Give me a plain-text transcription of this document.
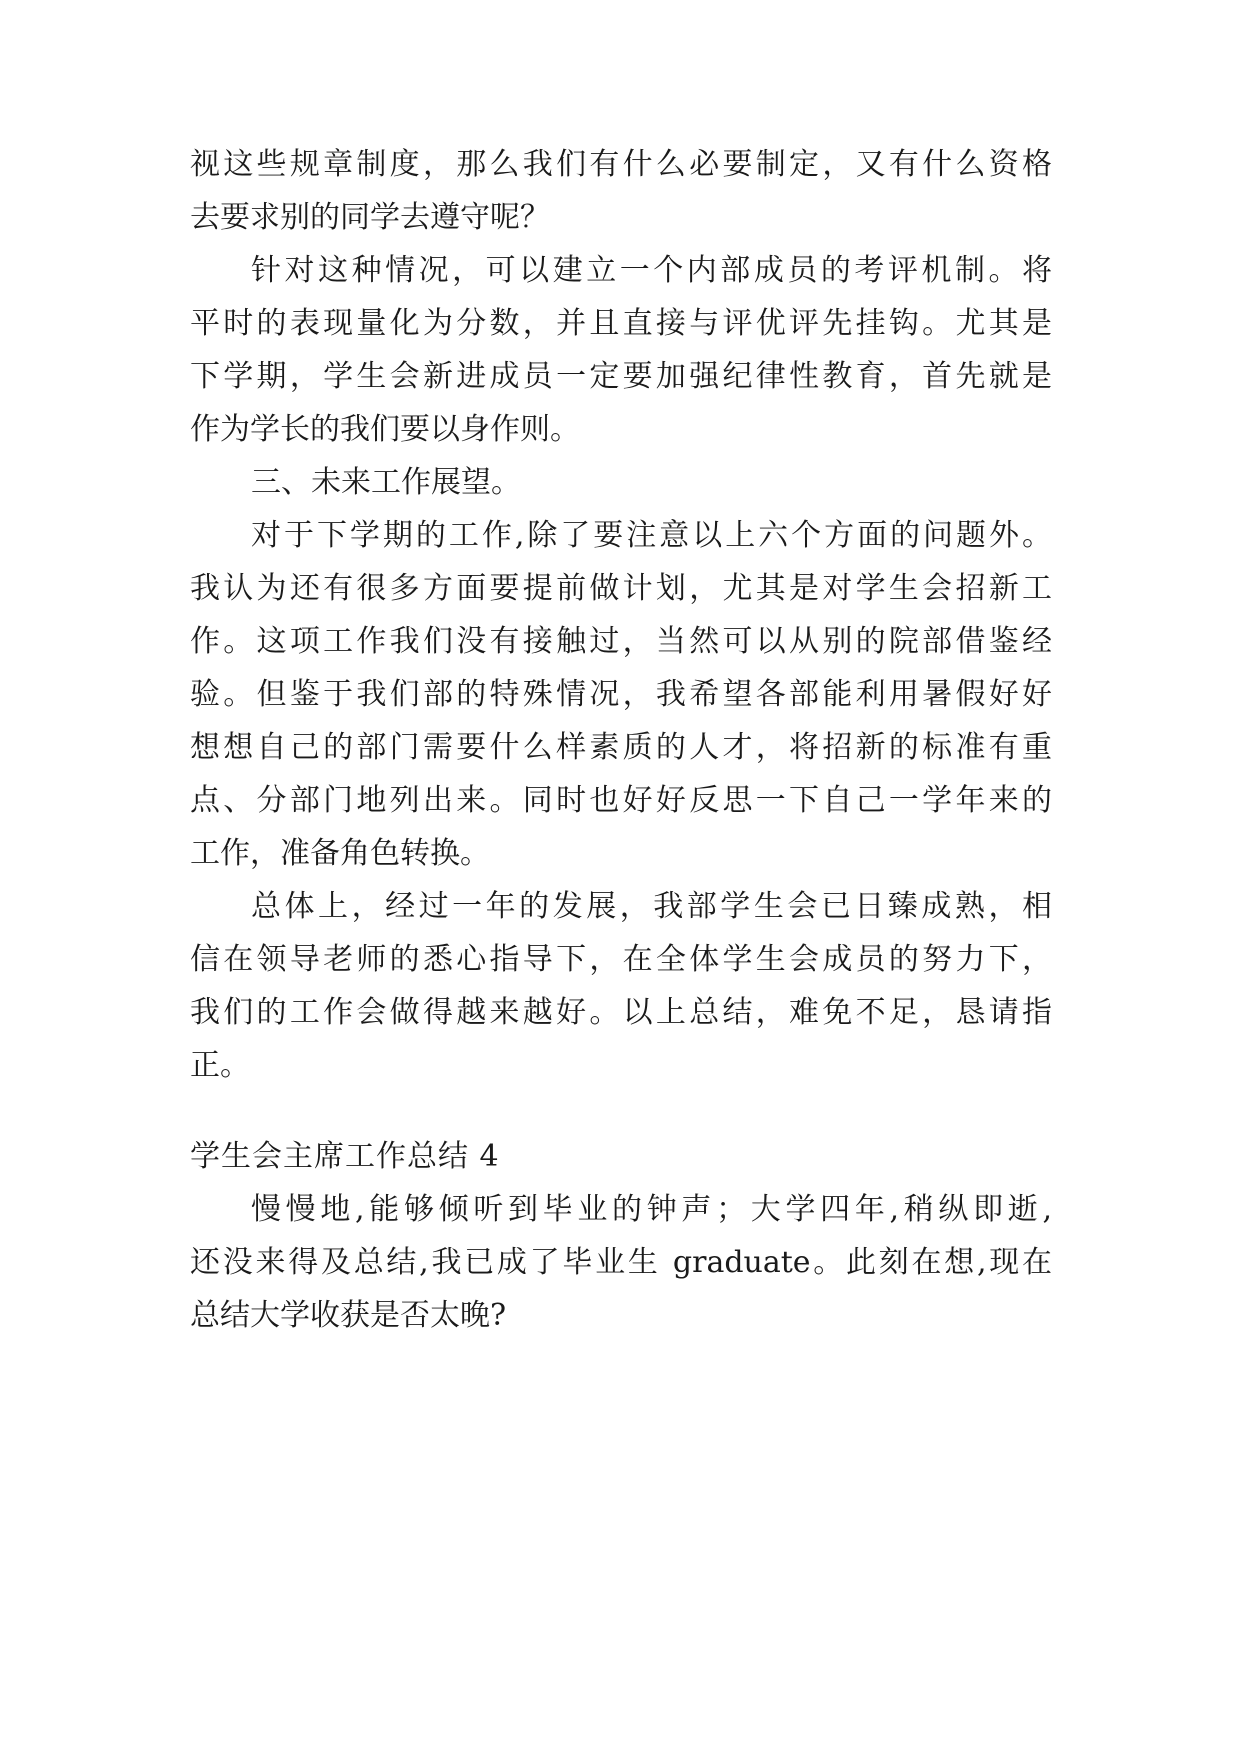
视这些规章制度，那么我们有什么必要制定，又有什么资格
去要求别的同学去遵守呢？
针对这种情况，可以建立一个内部成员的考评机制。将
平时的表现量化为分数，并且直接与评优评先挂钩。尤其是
下学期，学生会新进成员一定要加强纪律性教育，首先就是
作为学长的我们要以身作则。
三、未来工作展望。
对于下学期的工作,除了要注意以上六个方面的问题外。
我认为还有很多方面要提前做计划，尤其是对学生会招新工
作。这项工作我们没有接触过，当然可以从别的院部借鉴经
验。但鉴于我们部的特殊情况，我希望各部能利用暑假好好
想想自己的部门需要什么样素质的人才，将招新的标准有重
点、分部门地列出来。同时也好好反思一下自己一学年来的
工作，准备角色转换。
总体上，经过一年的发展，我部学生会已日臻成熟，相
信在领导老师的悉心指导下，在全体学生会成员的努力下，
我们的工作会做得越来越好。以上总结，难免不足，恳请指
正。
学生会主席工作总结 4
慢慢地,能够倾听到毕业的钟声；大学四年,稍纵即逝,
还没来得及总结,我已成了毕业生 graduate。此刻在想,现在
总结大学收获是否太晚?
